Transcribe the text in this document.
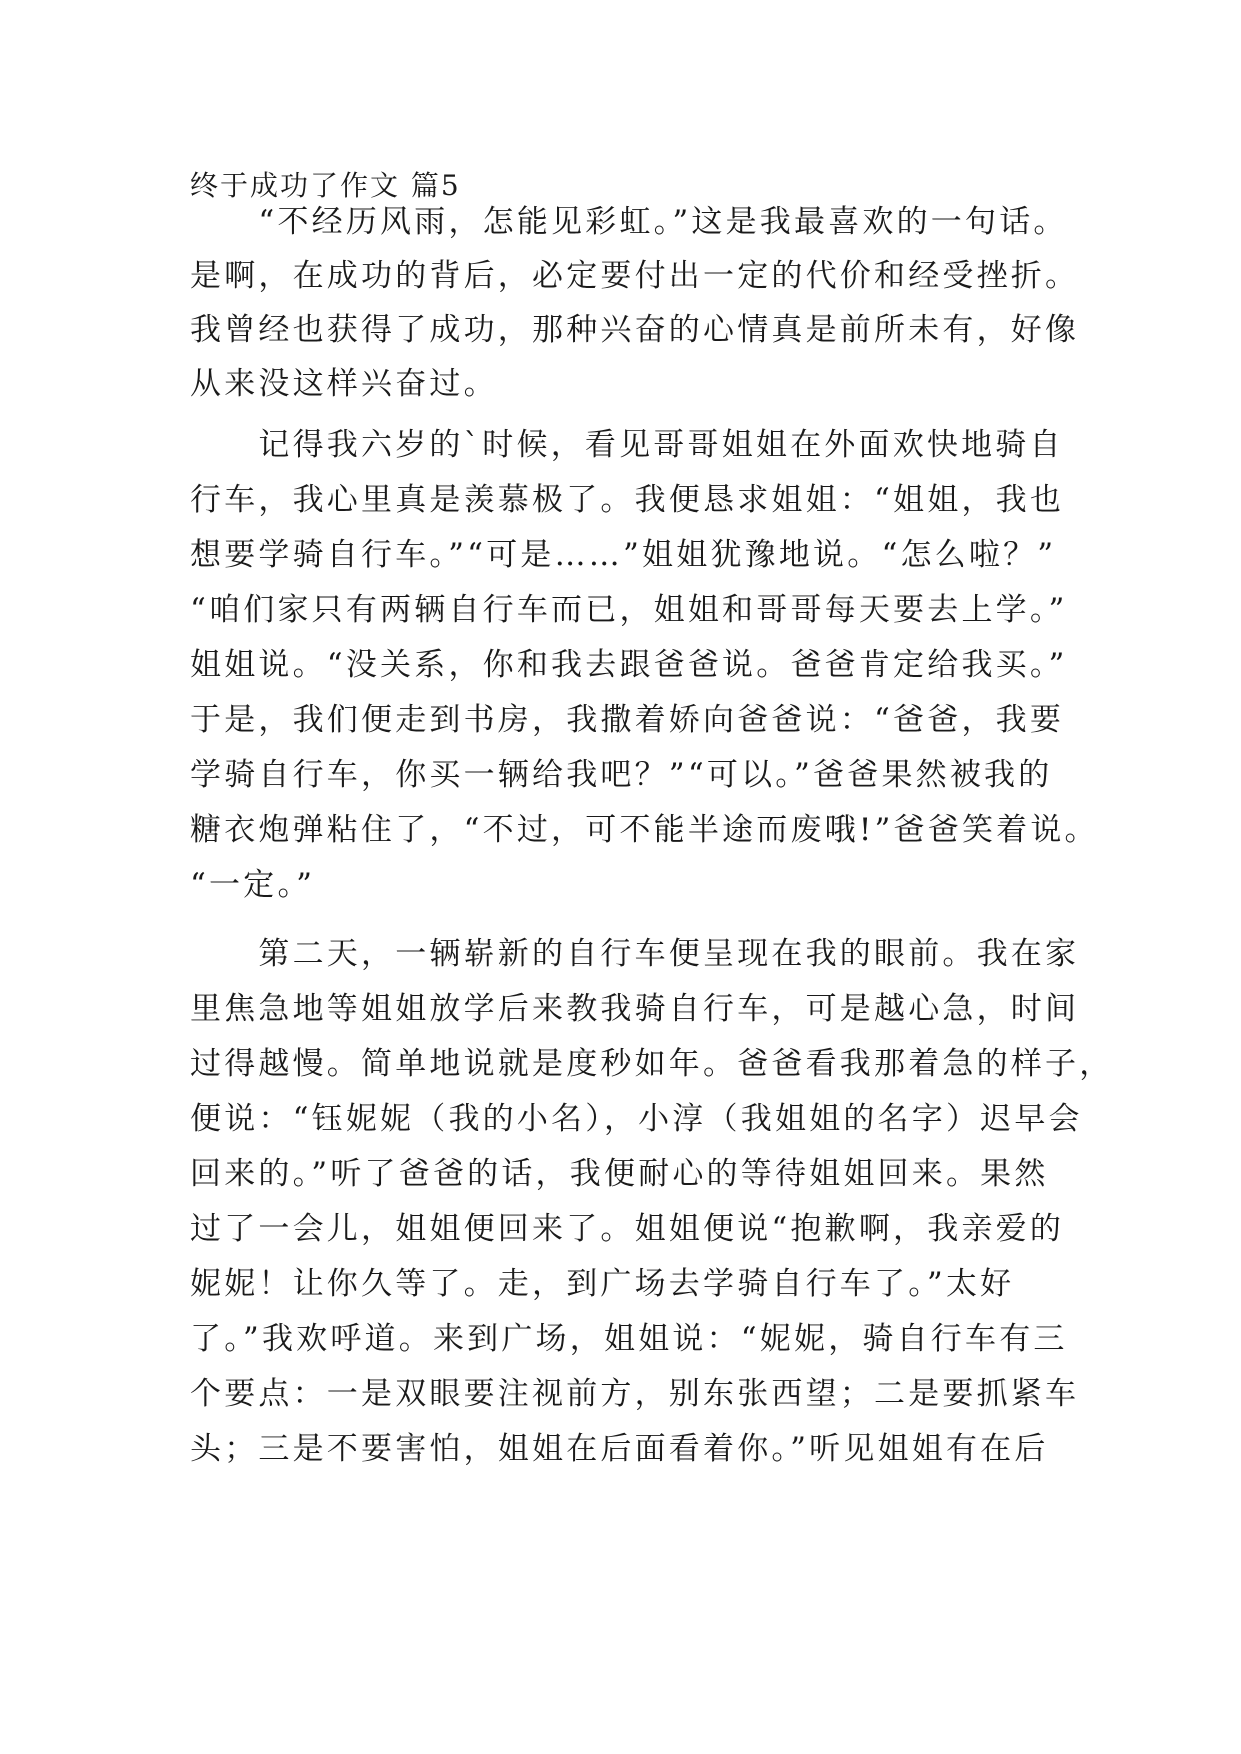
终于成功了作文 篇5
　　“不经历风雨，怎能见彩虹。”这是我最喜欢的一句话。
是啊，在成功的背后，必定要付出一定的代价和经受挫折。
我曾经也获得了成功，那种兴奋的心情真是前所未有，好像
从来没这样兴奋过。
　　记得我六岁的`时候，看见哥哥姐姐在外面欢快地骑自
行车，我心里真是羡慕极了。我便恳求姐姐：“姐姐，我也
想要学骑自行车。”“可是……”姐姐犹豫地说。“怎么啦？”
“咱们家只有两辆自行车而已，姐姐和哥哥每天要去上学。”
姐姐说。“没关系，你和我去跟爸爸说。爸爸肯定给我买。”
于是，我们便走到书房，我撒着娇向爸爸说：“爸爸，我要
学骑自行车，你买一辆给我吧？”“可以。”爸爸果然被我的
糖衣炮弹粘住了，“不过，可不能半途而废哦!”爸爸笑着说。
“一定。”
　　第二天，一辆崭新的自行车便呈现在我的眼前。我在家
里焦急地等姐姐放学后来教我骑自行车，可是越心急，时间
过得越慢。简单地说就是度秒如年。爸爸看我那着急的样子，
便说：“钰妮妮（我的小名），小淳（我姐姐的名字）迟早会
回来的。”听了爸爸的话，我便耐心的等待姐姐回来。果然
过了一会儿，姐姐便回来了。姐姐便说“抱歉啊，我亲爱的
妮妮！让你久等了。走，到广场去学骑自行车了。”太好
了。”我欢呼道。来到广场，姐姐说：“妮妮，骑自行车有三
个要点：一是双眼要注视前方，别东张西望；二是要抓紧车
头；三是不要害怕，姐姐在后面看着你。”听见姐姐有在后
